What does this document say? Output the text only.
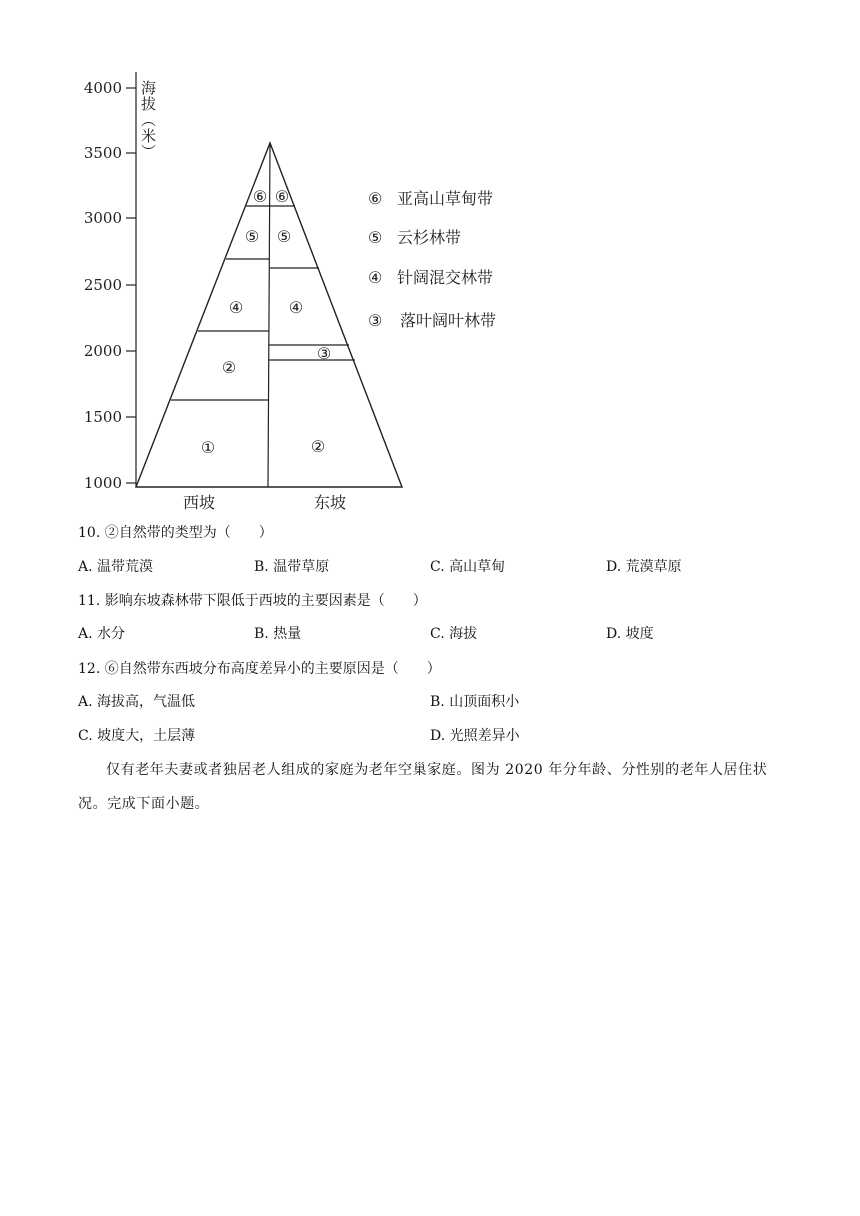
4000
3500
3000
2500
2000
1500
1000
海拔（米）
①
②
④
⑤
⑥
②
③
④
⑤
⑥
西坡	东坡
⑥ 亚高山草甸带
⑤ 云杉林带
④ 针阔混交林带
③ 落叶阔叶林带
10. ②自然带的类型为（　　）
A. 温带荒漠	B. 温带草原	C. 高山草甸	D. 荒漠草原
11. 影响东坡森林带下限低于西坡的主要因素是（　　）
A. 水分	B. 热量	C. 海拔	D. 坡度
12. ⑥自然带东西坡分布高度差异小的主要原因是（　　）
A. 海拔高，气温低	B. 山顶面积小
C. 坡度大，土层薄	D. 光照差异小
仅有老年夫妻或者独居老人组成的家庭为老年空巢家庭。图为 2020 年分年龄、分性别的老年人居住状况。完成下面小题。
